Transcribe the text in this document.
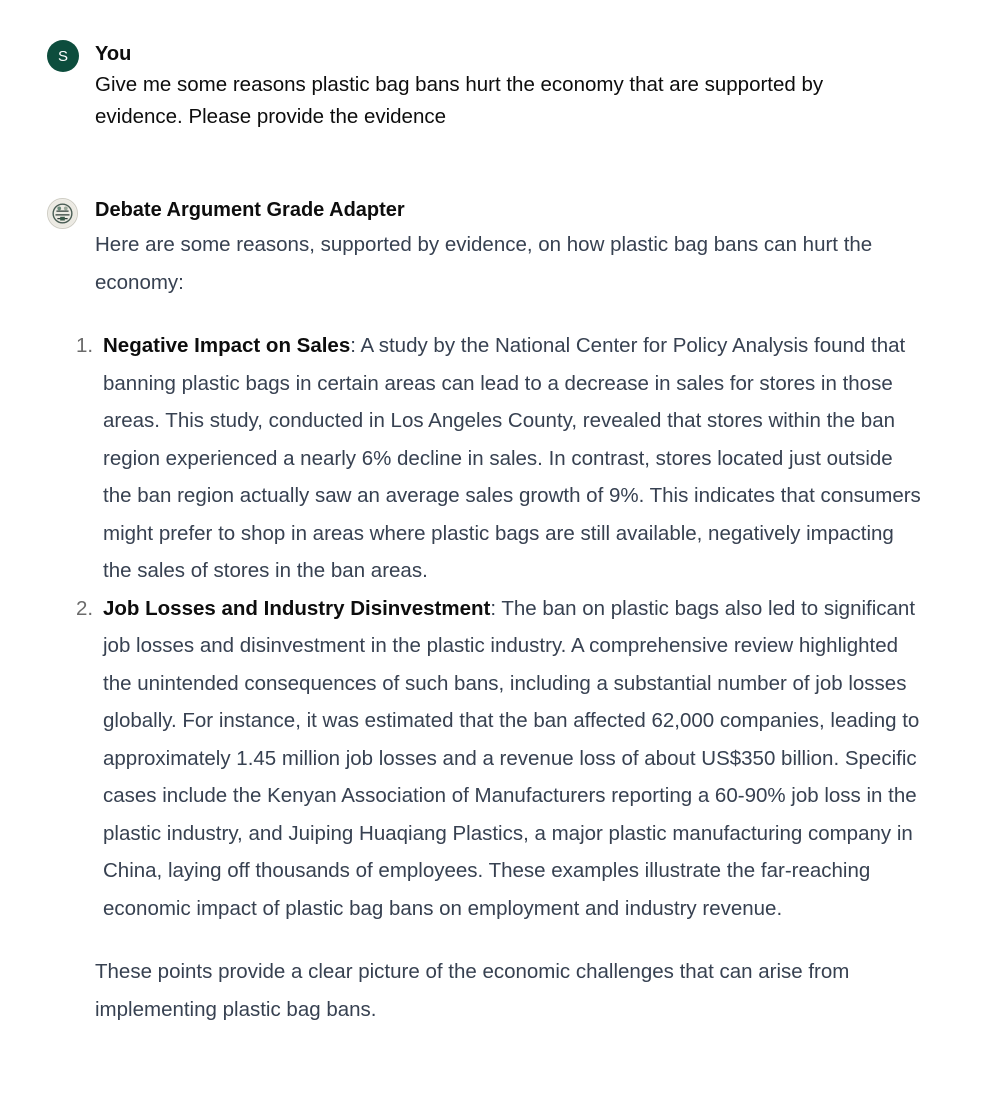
S You
Give me some reasons plastic bag bans hurt the economy that are supported by evidence. Please provide the evidence
Debate Argument Grade Adapter
Here are some reasons, supported by evidence, on how plastic bag bans can hurt the economy:
1. Negative Impact on Sales: A study by the National Center for Policy Analysis found that banning plastic bags in certain areas can lead to a decrease in sales for stores in those areas. This study, conducted in Los Angeles County, revealed that stores within the ban region experienced a nearly 6% decline in sales. In contrast, stores located just outside the ban region actually saw an average sales growth of 9%. This indicates that consumers might prefer to shop in areas where plastic bags are still available, negatively impacting the sales of stores in the ban areas.
2. Job Losses and Industry Disinvestment: The ban on plastic bags also led to significant job losses and disinvestment in the plastic industry. A comprehensive review highlighted the unintended consequences of such bans, including a substantial number of job losses globally. For instance, it was estimated that the ban affected 62,000 companies, leading to approximately 1.45 million job losses and a revenue loss of about US$350 billion. Specific cases include the Kenyan Association of Manufacturers reporting a 60-90% job loss in the plastic industry, and Juiping Huaqiang Plastics, a major plastic manufacturing company in China, laying off thousands of employees. These examples illustrate the far-reaching economic impact of plastic bag bans on employment and industry revenue.
These points provide a clear picture of the economic challenges that can arise from implementing plastic bag bans.
